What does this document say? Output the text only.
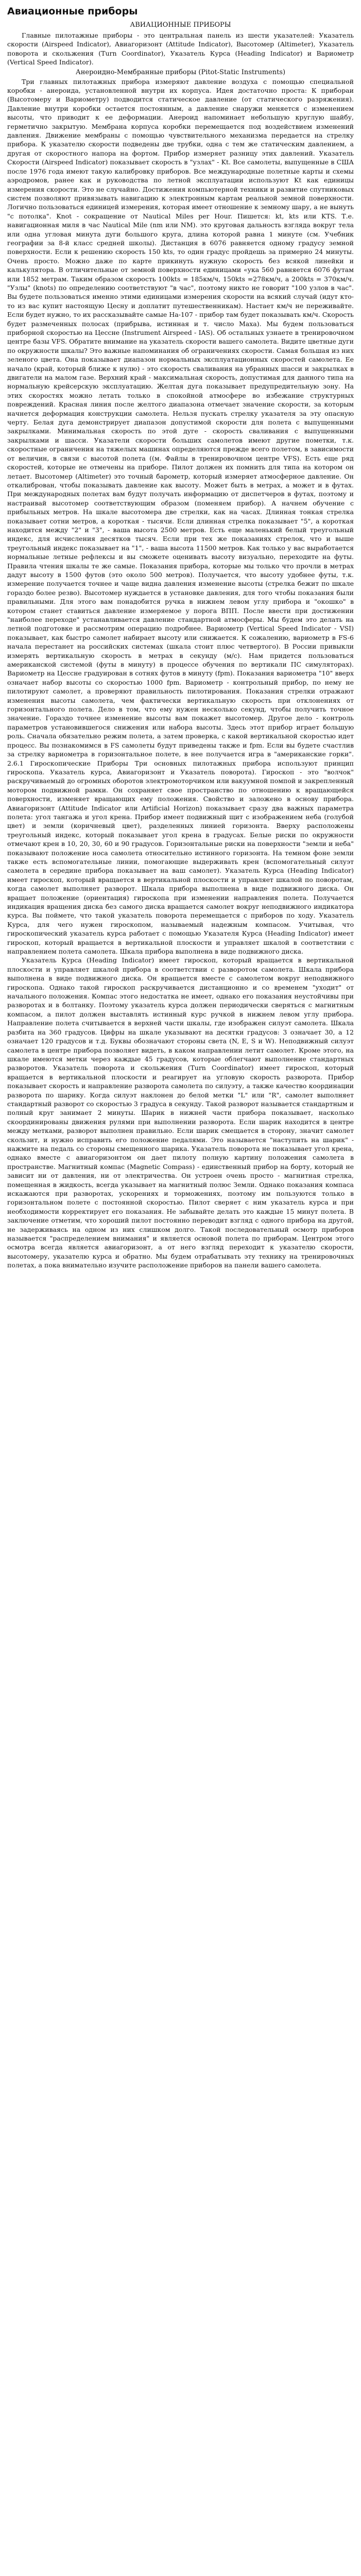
Авиационные приборы
АВИАЦИОННЫЕ ПРИБОРЫ

Главные пилотажные приборы - это центральная панель из шести указателей: Указатель скорости (Airspeed Indicator), Авиагоризонт (Attitude Indicator), Высотомер (Altimeter), Указатель поворота и скольжения (Turn Coordinator), Указатель Курса (Heading Indicator) и Вариометр (Vertical Speed Indicator).

Анероидно-Мембранные приборы (Pitot-Static Instruments)

Три главных пилотажных прибора измеряют давление воздуха с помощью специальной коробки - анероида, установленной внутри их корпуса. Идея достаточно проста: К прибораи (Высотомеру и Вариометру) подводится статическое давление (от статического разряжения). Давление внутри коробки остается постоянным, а давление снаружи меняется с изменением высоты, что приводит к ее деформации. Анероид напоминает небольшую круглую шайбу, герметично закрытую. Мембрана корпуса коробки перемещается под воздействием изменений давления. Движение мембраны с помощью чувствительного механизма передается на стрелку прибора. К указателю скорости подведены две трубки, одна с тем же статическим давлением, а другая от скоростного напора на фортом. Прибор измеряет разницу этих давлений. Указатель Скорости (Airspeed Indicator) показывает скорость в "узлах" - Kt. Все самолеты, выпущенные в США после 1976 года имеют такую калибровку приборов. Все международные полетные карты и схемы аэродромов, ранее как и руководства по летной эксплуатации используют Kt как единицы измерения скорости. Это не случайно. Достижения компьютерной техники и развитие спутниковых систем позволяют привязывать навигацию к электронным картам реальной земной поверхности. Логично пользоваться единицей измерения, которая имеет отношение к земному шару, а не вынуть "с потолка". Knot - сокращение от Nautical Miles per Hour. Пишется: kt, kts или KTS. Т.е. навигационная миля в час Nautical Mile (nm или NM). это круговая дальность взгляда вокруг тела или одна угловая минута дуги большого круга, длина которой равна 1 минуте (см. Учебник географии за 8-й класс средней школы). Дистанция в 6076 равняется одному градусу земной поверхности. Если к решению скорость 150 kts, то один градус пройдешь за примерно 24 минуты. Очень просто. Можно даже по карте прикинуть нужную скорость без всякой линейки и калькулятора. В отличительные от земной поверхности единицами «ука 560 равняется 6076 футам или 1852 метрам. Таким образом скорость 100kts = 185км/ч, 150kts =278км/ч, а 200kts = 370км/ч. "Узлы" (knots) по определению соответствуют "в час", поэтому никто не говорит "100 узлов в час". Вы будете пользоваться именно этими единицами измерения скорости на всякий случай (идут кто-то из вас купит настоящую Цесну и доплатит путешественникам). Настает км/ч не переживайте. Если будет нужно, то их рассказывайте самые На-107 - прибор там будет показывать км/ч. Скорость будет размеченных полосах (прибрыва, истинная и т. число Маха). Мы будем пользоваться приборной скоростью на Цессне (Instrument Airspeed - IAS). Об остальных узнаете в тренировочном центре базы VFS. Обратите внимание на указатель скорости вашего самолета. Видите цветные дуги по окружности шкалы? Это важные напоминания об ограничениях скорости. Самая большая из них зеленого цвета. Она показывает диапазон нормальных эксплуатационных скоростей самолета. Ее начало (край, который ближе к нулю) - это скорость сваливания на убранных шасси и закрылках в двигатели на малом газе. Верхний край - максимальная скорость, допустимая для данного типа на нормальную крейсерскую эксплуатацию. Желтая дуга показывает предупредительную зону. На этих скоростях можно летать только в спокойной атмосфере во избежание структурных повреждений. Красная линия после желтого диапазона отмечает значение скорости, за которым начнется деформация конструкции самолета. Нельзя пускать стрелку указателя за эту опасную черту. Белая дуга демонстрирует диапазон допустимой скорости для полета с выпущенными закрылками. Минимальная скорость по этой дуге - скорость сваливания с выпущенными закрылками и шасси. Указатели скорости больших самолетов имеют другие пометки, т.к. скоростные ограничения на тяжелых машинах определяются прежде всего полетом, в зависимости от величин, в связи с высотой полета ((м. Файлы в тренировочном центре VFS). Есть еще ряд скоростей, которые не отмечены на приборе. Пилот должен их помнить для типа на котором он летает. Высотомер (Altimeter) это точный барометр, который измеряет атмосферное давление. Он откалиброван, чтобы показывать давление как высоту. Может быть в метрах, а может и в футах. При международных полетах вам будут получать информацию от диспетчеров в футах, поэтому и настраивай высотомер соответствующим образом (поменяем прибор). А начнем обучение с прибыльных метров. На шкале высотомера две стрелки, как на часах. Длинная тонкая стрелка показывает сотни метров, а короткая - тысячи. Если длинная стрелка показывает "5", а короткая находится между "2" и "3", - ваша высота 2500 метров. Есть еще маленький белый треугольный индекс, для исчисления десятков тысяч. Если при тех же показаниях стрелок, что и выше треугольный индекс показывает на "1", - ваша высота 11500 метров. Как только у вас выработается нормальные летные рефлексы и вы сможете оценивать высоту визуально, переходите на футы. Правила чтения шкалы те же самые. Показания прибора, которые мы только что прочли в метрах дадут высоту в 1500 футов (это около 500 метров). Получается, что высоту удобнее футы, т.к. измерение получается точнее и чаще видна давления изменение высоты (стрелка бежит по шкале гораздо более резво). Высотомер нуждается в установке давления, для того чтобы показания были правильными. Для этого вам понадобится ручка в нижнем левом углу прибора и "окошко" в котором станет ставиться давление измеряемое у порога ВПП. После ввести при достижении "наиболее переходе" устанавливается давление стандартной атмосферы. Мы будем это делать на летной подготовке и рассмотрим операцию подробнее. Вариометр (Vertical Speed Indicator - VSI) показывает, как быстро самолет набирает высоту или снижается. К сожалению, вариометр в FS-6 начала перестанет на российских системах (шкала стоит плюс четвертого). В России привыкли измерять вертикальную скорость в метрах в секунду (м/с). Нам придется пользоваться американской системой (футы в минуту) в процессе обучения по вертикали ПС симуляторах). Вариометр на Цессне градуирован в сотнях футов в минуту (fpm). Показания вариометра "10" вверх означает набор высоты со скоростью 1000 fpm. Вариометр - контрольный прибор, по нему не пилотируют самолет, а проверяют правильность пилотирования. Показания стрелки отражают изменения высоты самолета, чем фактически вертикальную скорость при отклонениях от горизонтального полета. Дело в том, что ему нужен несколько секунд, чтобы получить точное значение. Гораздо точнее изменение высоты вам покажет высотомер. Другое дело - контроль параметров установившегося снижения или набора высоты. Здесь этот прибор играет большую роль. Сначала обязательно режим полета, а затем проверка, с какой вертикальной скоростью идет процесс. Вы познакомимся в FS самолеты будут приведены также и fpm. Если вы будете счастлив за стрелку вариометра в горизонтальное полете, в нее получается игра в "американские горки". 2.6.1 Гироскопические Приборы Три основных пилотажных прибора используют принцип гироскопа. Указатель курса, Авиагоризонт и Указатель поворота). Гироскоп - это "волчок" раскручиваемый до огромных оборотов электромоторчиком или вакуумной помпой и закрепленный мотором подвижной рамки. Он сохраняет свое пространство по отношению к вращающейся поверхности, изменяет вращающих ему положения. Свойство и заложено в основу прибора. Авиагоризонт (Attitude Indicator или Artificial Horizon) показывает сразу два важных параметра полета: угол тангажа и угол крена. Прибор имеет подвижный щит с изображением неба (голубой цвет) и земли (коричневый цвет), разделенных линией горизонта. Вверху расположены треугольный индекс, который показывает угол крена в градусах. Белые риски по окружности отмечают крен в 10, 20, 30, 60 и 90 градусов. Горизонтальные риски на поверхности "земли и неба" показывают положение носа самолета относительно истинного горизонта. На темном фоне земли также есть вспомогательные линии, помогающие выдерживать крен (вспомогательный силуэт самолета в середине прибора показывает на ваш самолет). Указатель Курса (Heading Indicator) имеет гироскоп, который вращается в вертикальной плоскости и управляет шкалой по поворотам, когда самолет выполняет разворот. Шкала прибора выполнена в виде подвижного диска. Он вращает положение (ориентация) гироскопа при изменении направления полета. Получается индикация вращения диска без самого диска вращается самолет вокруг неподвижного индикатора курса. Вы поймете, что такой указатель поворота перемещается с приборов по ходу. Указатель Курса, для чего нужен гироскопом, называемый надежным компасом. Учитывая, что гироскопический указатель курса работает с помощью Указателя Курса (Heading Indicator) имеет гироскоп, который вращается в вертикальной плоскости и управляет шкалой в соответствии с направлением полета самолета. Шкала прибора выполнена в виде подвижного диска.

Указатель Курса (Heading Indicator) имеет гироскоп, который вращается в вертикальной плоскости и управляет шкалой прибора в соответствии с разворотом самолета. Шкала прибора выполнена в виде подвижного диска. Он вращается вместе с самолетом вокруг неподвижного гироскопа. Однако такой гироскоп раскручивается дистанционно и со временем "уходит" от начального положения. Компас этого недостатка не имеет, однако его показания неустойчивы при разворотах и в болтанку. Поэтому указатель курса должен периодически сверяться с магнитным компасом, а пилот должен выставлять истинный курс ручкой в нижнем левом углу прибора. Направление полета считывается в верхней части шкалы, где изображен силуэт самолета. Шкала разбита на 360 градусов. Цифры на шкале указывают на десятки градусов: 3 означает 30, а 12 означает 120 градусов и т.д. Буквы обозначают стороны света (N, E, S и W). Неподвижный силуэт самолета в центре прибора позволяет видеть, в каком направлении летит самолет. Кроме этого, на шкале имеются метки через каждые 45 градусов, которые облегчают выполнение стандартных разворотов. Указатель поворота и скольжения (Turn Coordinator) имеет гироскоп, который вращается в вертикальной плоскости и реагирует на угловую скорость разворота. Прибор показывает скорость и направление разворота самолета по силуэту, а также качество координации разворота по шарику. Когда силуэт наклонен до белой метки "L" или "R", самолет выполняет стандартный разворот со скоростью 3 градуса в секунду. Такой разворот называется стандартным и полный круг занимает 2 минуты. Шарик в нижней части прибора показывает, насколько скоординированы движения рулями при выполнении разворота. Если шарик находится в центре между метками, разворот выполнен правильно. Если шарик смещается в сторону, значит самолет скользит, и нужно исправить его положение педалями. Это называется "наступить на шарик" - нажмите на педаль со стороны смещенного шарика. Указатель поворота не показывает угол крена, однако вместе с авиагоризонтом он дает пилоту полную картину положения самолета в пространстве. Магнитный компас (Magnetic Compass) - единственный прибор на борту, который не зависит ни от давления, ни от электричества. Он устроен очень просто - магнитная стрелка, помещенная в жидкость, всегда указывает на магнитный полюс Земли. Однако показания компаса искажаются при разворотах, ускорениях и торможениях, поэтому им пользуются только в горизонтальном полете с постоянной скоростью. Пилот сверяет с ним указатель курса и при необходимости корректирует его показания. Не забывайте делать это каждые 15 минут полета. В заключение отметим, что хороший пилот постоянно переводит взгляд с одного прибора на другой, не задерживаясь на одном из них слишком долго. Такой последовательный осмотр приборов называется "распределением внимания" и является основой полета по приборам. Центром этого осмотра всегда является авиагоризонт, а от него взгляд переходит к указателю скорости, высотомеру, указателю курса и обратно. Мы будем отрабатывать эту технику на тренировочных полетах, а пока внимательно изучите расположение приборов на панели вашего самолета.
